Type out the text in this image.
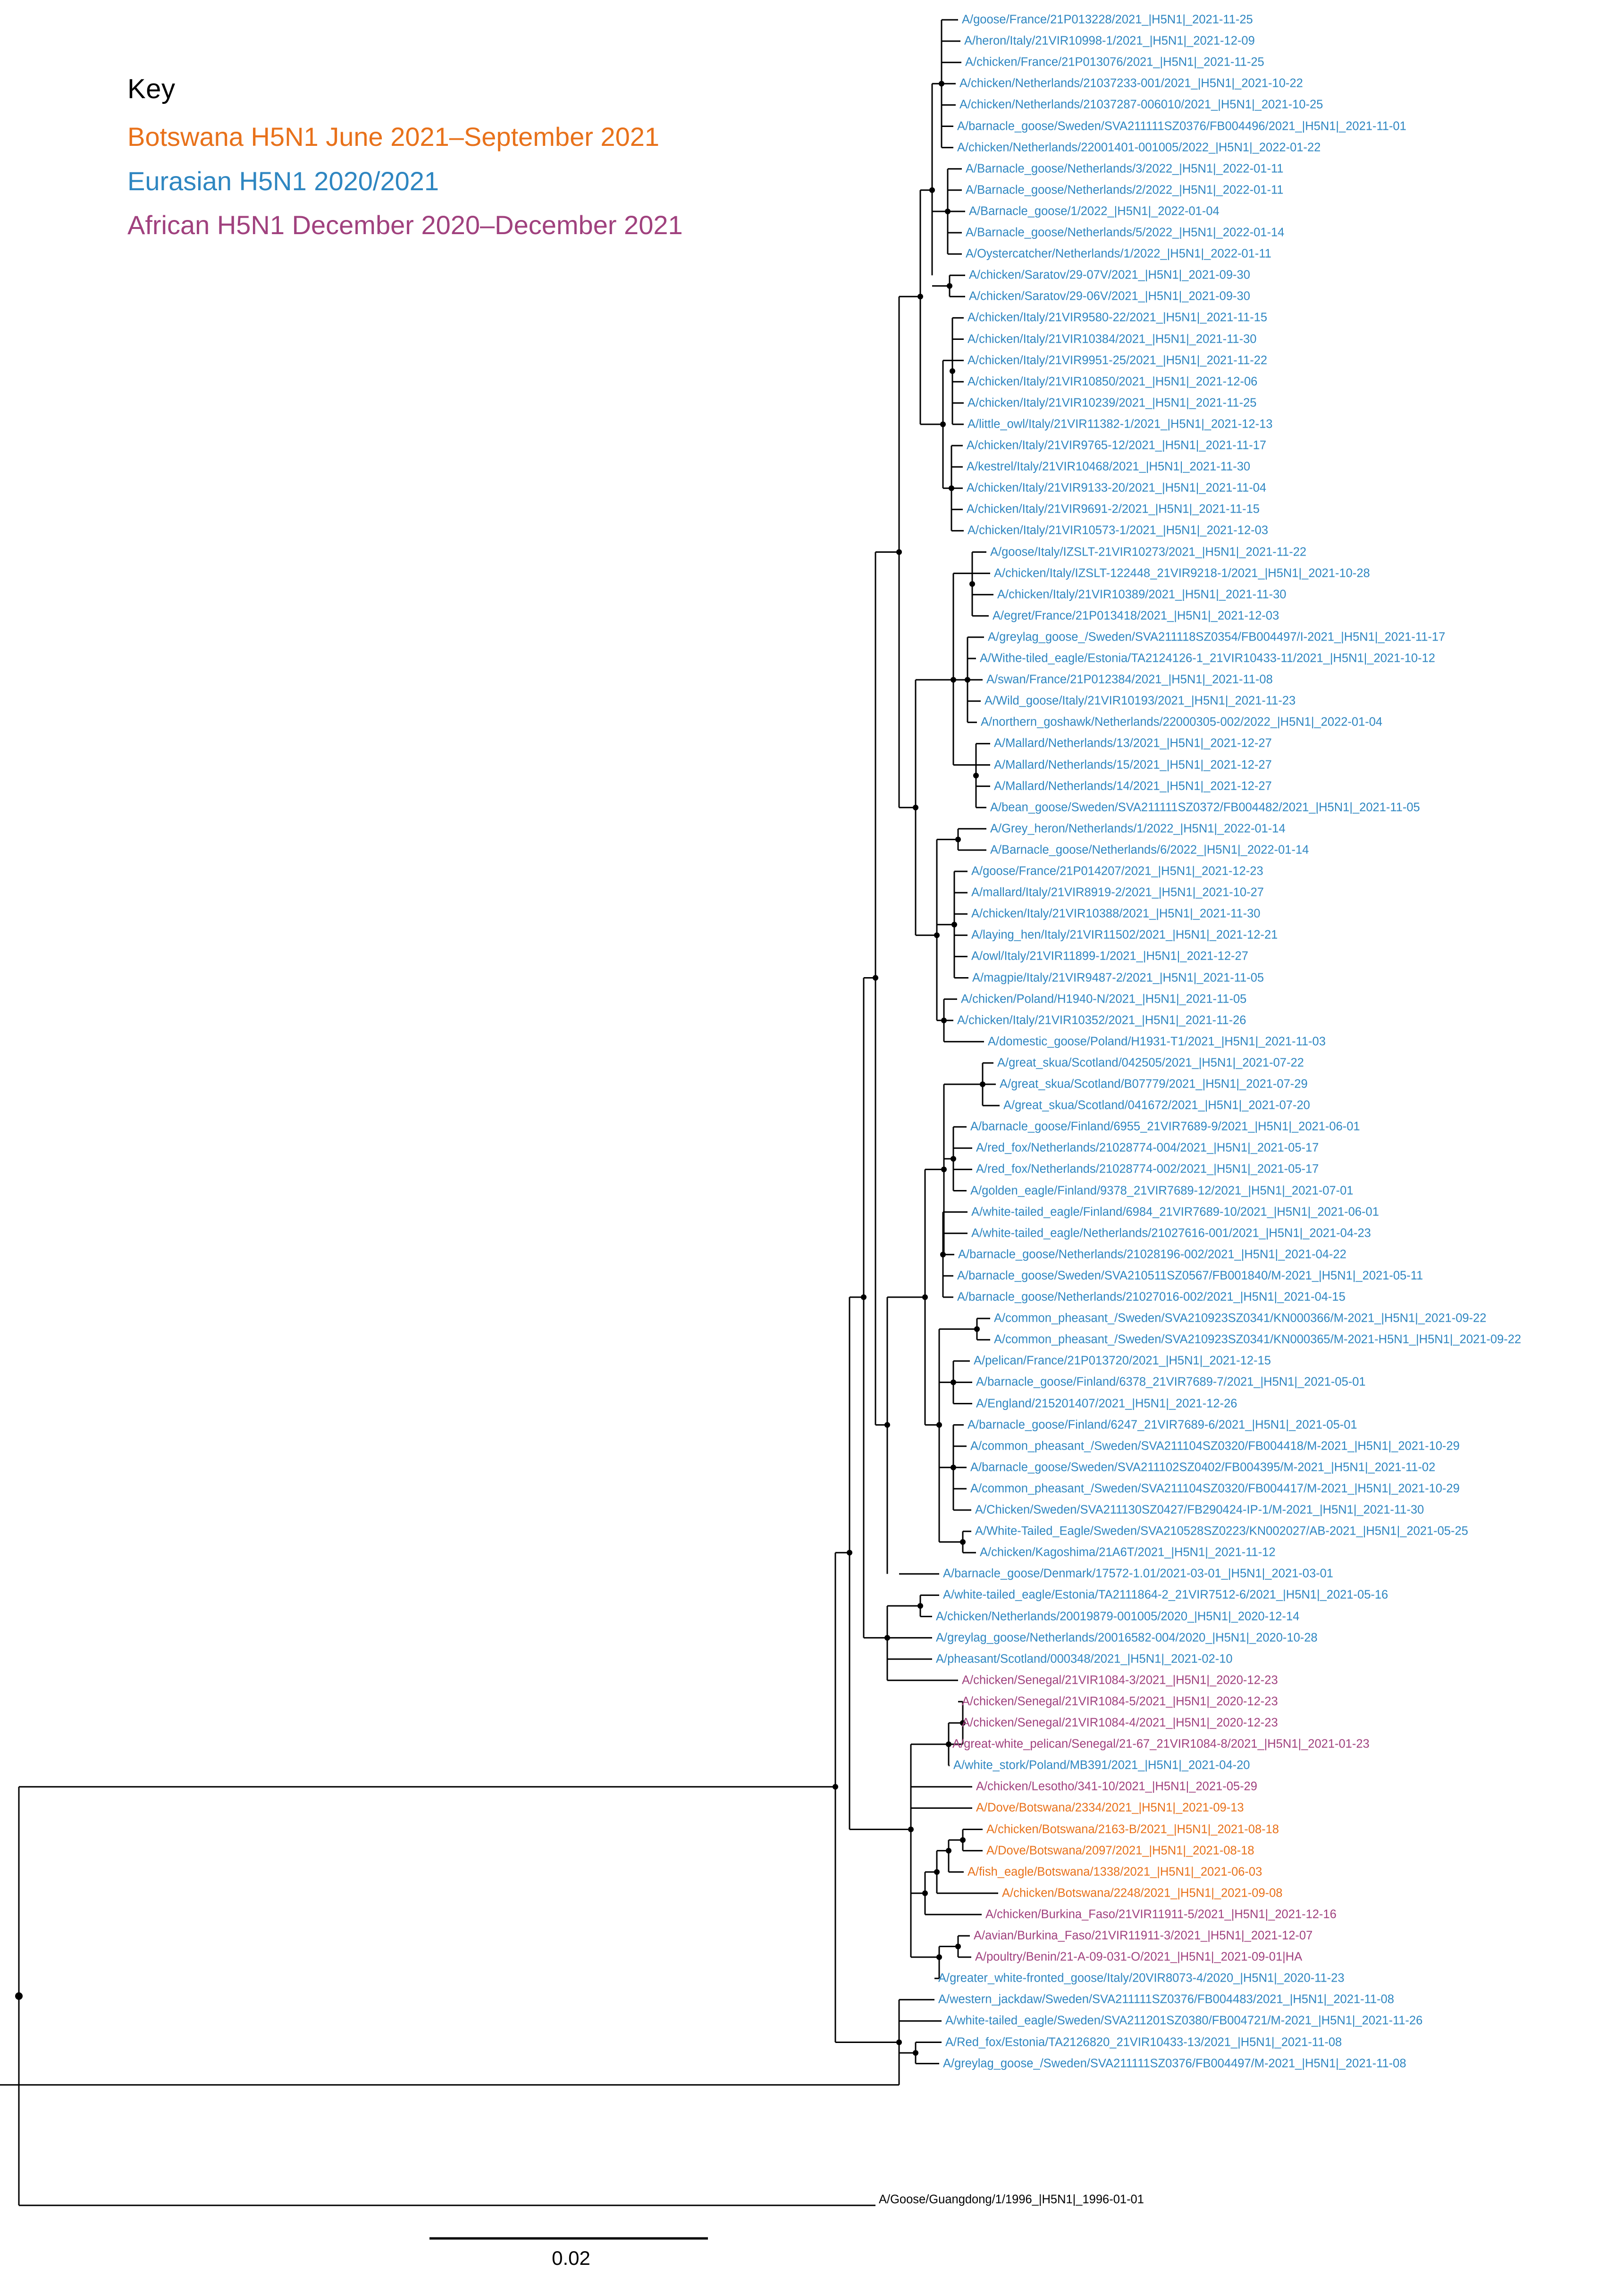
Key
Botswana H5N1 June 2021–September 2021
Eurasian H5N1 2020/2021
African H5N1 December 2020–December 2021
A/goose/France/21P013228/2021_|H5N1|_2021-11-25
A/heron/Italy/21VIR10998-1/2021_|H5N1|_2021-12-09
A/chicken/France/21P013076/2021_|H5N1|_2021-11-25
A/chicken/Netherlands/21037233-001/2021_|H5N1|_2021-10-22
A/chicken/Netherlands/21037287-006010/2021_|H5N1|_2021-10-25
A/barnacle_goose/Sweden/SVA211111SZ0376/FB004496/2021_|H5N1|_2021-11-01
A/chicken/Netherlands/22001401-001005/2022_|H5N1|_2022-01-22
A/Barnacle_goose/Netherlands/3/2022_|H5N1|_2022-01-11
A/Barnacle_goose/Netherlands/2/2022_|H5N1|_2022-01-11
A/Barnacle_goose/1/2022_|H5N1|_2022-01-04
A/Barnacle_goose/Netherlands/5/2022_|H5N1|_2022-01-14
A/Oystercatcher/Netherlands/1/2022_|H5N1|_2022-01-11
A/chicken/Saratov/29-07V/2021_|H5N1|_2021-09-30
A/chicken/Saratov/29-06V/2021_|H5N1|_2021-09-30
A/chicken/Italy/21VIR9580-22/2021_|H5N1|_2021-11-15
A/chicken/Italy/21VIR10384/2021_|H5N1|_2021-11-30
A/chicken/Italy/21VIR9951-25/2021_|H5N1|_2021-11-22
A/chicken/Italy/21VIR10850/2021_|H5N1|_2021-12-06
A/chicken/Italy/21VIR10239/2021_|H5N1|_2021-11-25
A/little_owl/Italy/21VIR11382-1/2021_|H5N1|_2021-12-13
A/chicken/Italy/21VIR9765-12/2021_|H5N1|_2021-11-17
A/kestrel/Italy/21VIR10468/2021_|H5N1|_2021-11-30
A/chicken/Italy/21VIR9133-20/2021_|H5N1|_2021-11-04
A/chicken/Italy/21VIR9691-2/2021_|H5N1|_2021-11-15
A/chicken/Italy/21VIR10573-1/2021_|H5N1|_2021-12-03
A/goose/Italy/IZSLT-21VIR10273/2021_|H5N1|_2021-11-22
A/chicken/Italy/IZSLT-122448_21VIR9218-1/2021_|H5N1|_2021-10-28
A/chicken/Italy/21VIR10389/2021_|H5N1|_2021-11-30
A/egret/France/21P013418/2021_|H5N1|_2021-12-03
A/greylag_goose_/Sweden/SVA211118SZ0354/FB004497/I-2021_|H5N1|_2021-11-17
A/Withe-tiled_eagle/Estonia/TA2124126-1_21VIR10433-11/2021_|H5N1|_2021-10-12
A/swan/France/21P012384/2021_|H5N1|_2021-11-08
A/Wild_goose/Italy/21VIR10193/2021_|H5N1|_2021-11-23
A/northern_goshawk/Netherlands/22000305-002/2022_|H5N1|_2022-01-04
A/Mallard/Netherlands/13/2021_|H5N1|_2021-12-27
A/Mallard/Netherlands/15/2021_|H5N1|_2021-12-27
A/Mallard/Netherlands/14/2021_|H5N1|_2021-12-27
A/bean_goose/Sweden/SVA211111SZ0372/FB004482/2021_|H5N1|_2021-11-05
A/Grey_heron/Netherlands/1/2022_|H5N1|_2022-01-14
A/Barnacle_goose/Netherlands/6/2022_|H5N1|_2022-01-14
A/goose/France/21P014207/2021_|H5N1|_2021-12-23
A/mallard/Italy/21VIR8919-2/2021_|H5N1|_2021-10-27
A/chicken/Italy/21VIR10388/2021_|H5N1|_2021-11-30
A/laying_hen/Italy/21VIR11502/2021_|H5N1|_2021-12-21
A/owl/Italy/21VIR11899-1/2021_|H5N1|_2021-12-27
A/magpie/Italy/21VIR9487-2/2021_|H5N1|_2021-11-05
A/chicken/Poland/H1940-N/2021_|H5N1|_2021-11-05
A/chicken/Italy/21VIR10352/2021_|H5N1|_2021-11-26
A/domestic_goose/Poland/H1931-T1/2021_|H5N1|_2021-11-03
A/great_skua/Scotland/042505/2021_|H5N1|_2021-07-22
A/great_skua/Scotland/B07779/2021_|H5N1|_2021-07-29
A/great_skua/Scotland/041672/2021_|H5N1|_2021-07-20
A/barnacle_goose/Finland/6955_21VIR7689-9/2021_|H5N1|_2021-06-01
A/red_fox/Netherlands/21028774-004/2021_|H5N1|_2021-05-17
A/red_fox/Netherlands/21028774-002/2021_|H5N1|_2021-05-17
A/golden_eagle/Finland/9378_21VIR7689-12/2021_|H5N1|_2021-07-01
A/white-tailed_eagle/Finland/6984_21VIR7689-10/2021_|H5N1|_2021-06-01
A/white-tailed_eagle/Netherlands/21027616-001/2021_|H5N1|_2021-04-23
A/barnacle_goose/Netherlands/21028196-002/2021_|H5N1|_2021-04-22
A/barnacle_goose/Sweden/SVA210511SZ0567/FB001840/M-2021_|H5N1|_2021-05-11
A/barnacle_goose/Netherlands/21027016-002/2021_|H5N1|_2021-04-15
A/common_pheasant_/Sweden/SVA210923SZ0341/KN000366/M-2021_|H5N1|_2021-09-22
A/common_pheasant_/Sweden/SVA210923SZ0341/KN000365/M-2021-H5N1_|H5N1|_2021-09-22
A/pelican/France/21P013720/2021_|H5N1|_2021-12-15
A/barnacle_goose/Finland/6378_21VIR7689-7/2021_|H5N1|_2021-05-01
A/England/215201407/2021_|H5N1|_2021-12-26
A/barnacle_goose/Finland/6247_21VIR7689-6/2021_|H5N1|_2021-05-01
A/common_pheasant_/Sweden/SVA211104SZ0320/FB004418/M-2021_|H5N1|_2021-10-29
A/barnacle_goose/Sweden/SVA211102SZ0402/FB004395/M-2021_|H5N1|_2021-11-02
A/common_pheasant_/Sweden/SVA211104SZ0320/FB004417/M-2021_|H5N1|_2021-10-29
A/Chicken/Sweden/SVA211130SZ0427/FB290424-IP-1/M-2021_|H5N1|_2021-11-30
A/White-Tailed_Eagle/Sweden/SVA210528SZ0223/KN002027/AB-2021_|H5N1|_2021-05-25
A/chicken/Kagoshima/21A6T/2021_|H5N1|_2021-11-12
A/barnacle_goose/Denmark/17572-1.01/2021-03-01_|H5N1|_2021-03-01
A/white-tailed_eagle/Estonia/TA2111864-2_21VIR7512-6/2021_|H5N1|_2021-05-16
A/chicken/Netherlands/20019879-001005/2020_|H5N1|_2020-12-14
A/greylag_goose/Netherlands/20016582-004/2020_|H5N1|_2020-10-28
A/pheasant/Scotland/000348/2021_|H5N1|_2021-02-10
A/chicken/Senegal/21VIR1084-3/2021_|H5N1|_2020-12-23
A/chicken/Senegal/21VIR1084-5/2021_|H5N1|_2020-12-23
A/chicken/Senegal/21VIR1084-4/2021_|H5N1|_2020-12-23
A/great-white_pelican/Senegal/21-67_21VIR1084-8/2021_|H5N1|_2021-01-23
A/white_stork/Poland/MB391/2021_|H5N1|_2021-04-20
A/chicken/Lesotho/341-10/2021_|H5N1|_2021-05-29
A/Dove/Botswana/2334/2021_|H5N1|_2021-09-13
A/chicken/Botswana/2163-B/2021_|H5N1|_2021-08-18
A/Dove/Botswana/2097/2021_|H5N1|_2021-08-18
A/fish_eagle/Botswana/1338/2021_|H5N1|_2021-06-03
A/chicken/Botswana/2248/2021_|H5N1|_2021-09-08
A/chicken/Burkina_Faso/21VIR11911-5/2021_|H5N1|_2021-12-16
A/avian/Burkina_Faso/21VIR11911-3/2021_|H5N1|_2021-12-07
A/poultry/Benin/21-A-09-031-O/2021_|H5N1|_2021-09-01|HA
A/greater_white-fronted_goose/Italy/20VIR8073-4/2020_|H5N1|_2020-11-23
A/western_jackdaw/Sweden/SVA211111SZ0376/FB004483/2021_|H5N1|_2021-11-08
A/white-tailed_eagle/Sweden/SVA211201SZ0380/FB004721/M-2021_|H5N1|_2021-11-26
A/Red_fox/Estonia/TA2126820_21VIR10433-13/2021_|H5N1|_2021-11-08
A/greylag_goose_/Sweden/SVA211111SZ0376/FB004497/M-2021_|H5N1|_2021-11-08
A/Goose/Guangdong/1/1996_|H5N1|_1996-01-01
0.02
